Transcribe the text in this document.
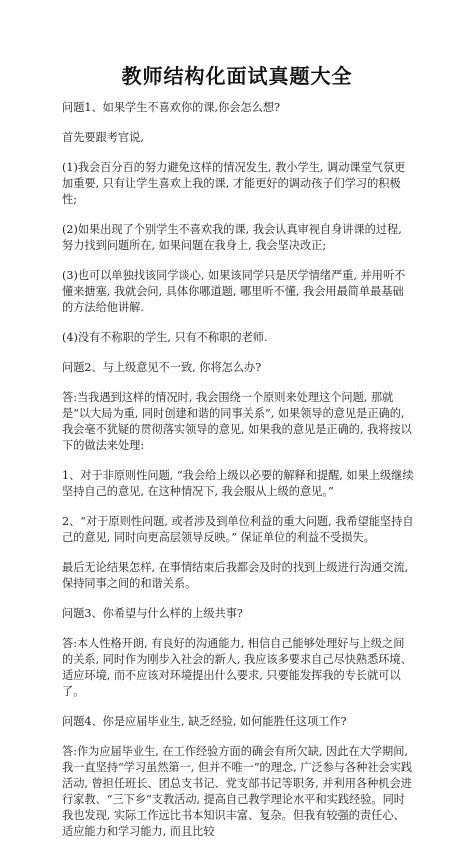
教师结构化面试真题大全

问题1、如果学生不喜欢你的课,你会怎么想?

首先要跟考官说,

(1)我会百分百的努力避免这样的情况发生, 教小学生, 调动课堂气氛更加重要, 只有让学生喜欢上我的课, 才能更好的调动孩子们学习的积极性;

(2)如果出现了个别学生不喜欢我的课, 我会认真审视自身讲课的过程, 努力找到问题所在, 如果问题在我身上, 我会坚决改正;

(3)也可以单独找该同学谈心, 如果该同学只是厌学情绪严重, 并用听不懂来搪塞, 我就会问, 具体你哪道题, 哪里听不懂, 我会用最简单最基础的方法给他讲解.

(4)没有不称职的学生, 只有不称职的老师.

问题2、与上级意见不一致, 你将怎么办?

答:当我遇到这样的情况时, 我会围绕一个原则来处理这个问题, 那就是“以大局为重, 同时创建和谐的同事关系”, 如果领导的意见是正确的, 我会毫不犹疑的贯彻落实领导的意见, 如果我的意见是正确的, 我将按以下的做法来处理:

1、对于非原则性问题, “我会给上级以必要的解释和提醒, 如果上级继续坚持自己的意见, 在这种情况下, 我会服从上级的意见。”

2、“对于原则性问题, 或者涉及到单位利益的重大问题, 我希望能坚持自己的意见, 同时向更高层领导反映。” 保证单位的利益不受损失。

最后无论结果怎样, 在事情结束后我都会及时的找到上级进行沟通交流, 保持同事之间的和谐关系。

问题3、你希望与什么样的上级共事?

答:本人性格开朗, 有良好的沟通能力, 相信自己能够处理好与上级之间的关系, 同时作为刚步入社会的新人, 我应该多要求自己尽快熟悉环境、适应环境, 而不应该对环境提出什么要求, 只要能发挥我的专长就可以了。

问题4、你是应届毕业生, 缺乏经验, 如何能胜任这项工作?

答:作为应届毕业生, 在工作经验方面的确会有所欠缺, 因此在大学期间, 我一直坚持“学习虽然第一, 但并不唯一”的理念, 广泛参与各种社会实践活动, 曾担任班长、团总支书记、党支部书记等职务, 并利用各种机会进行家教、“三下乡”支教活动, 提高自己教学理论水平和实践经验。同时我也发现, 实际工作远比书本知识丰富、复杂。但我有较强的责任心、适应能力和学习能力, 而且比较
